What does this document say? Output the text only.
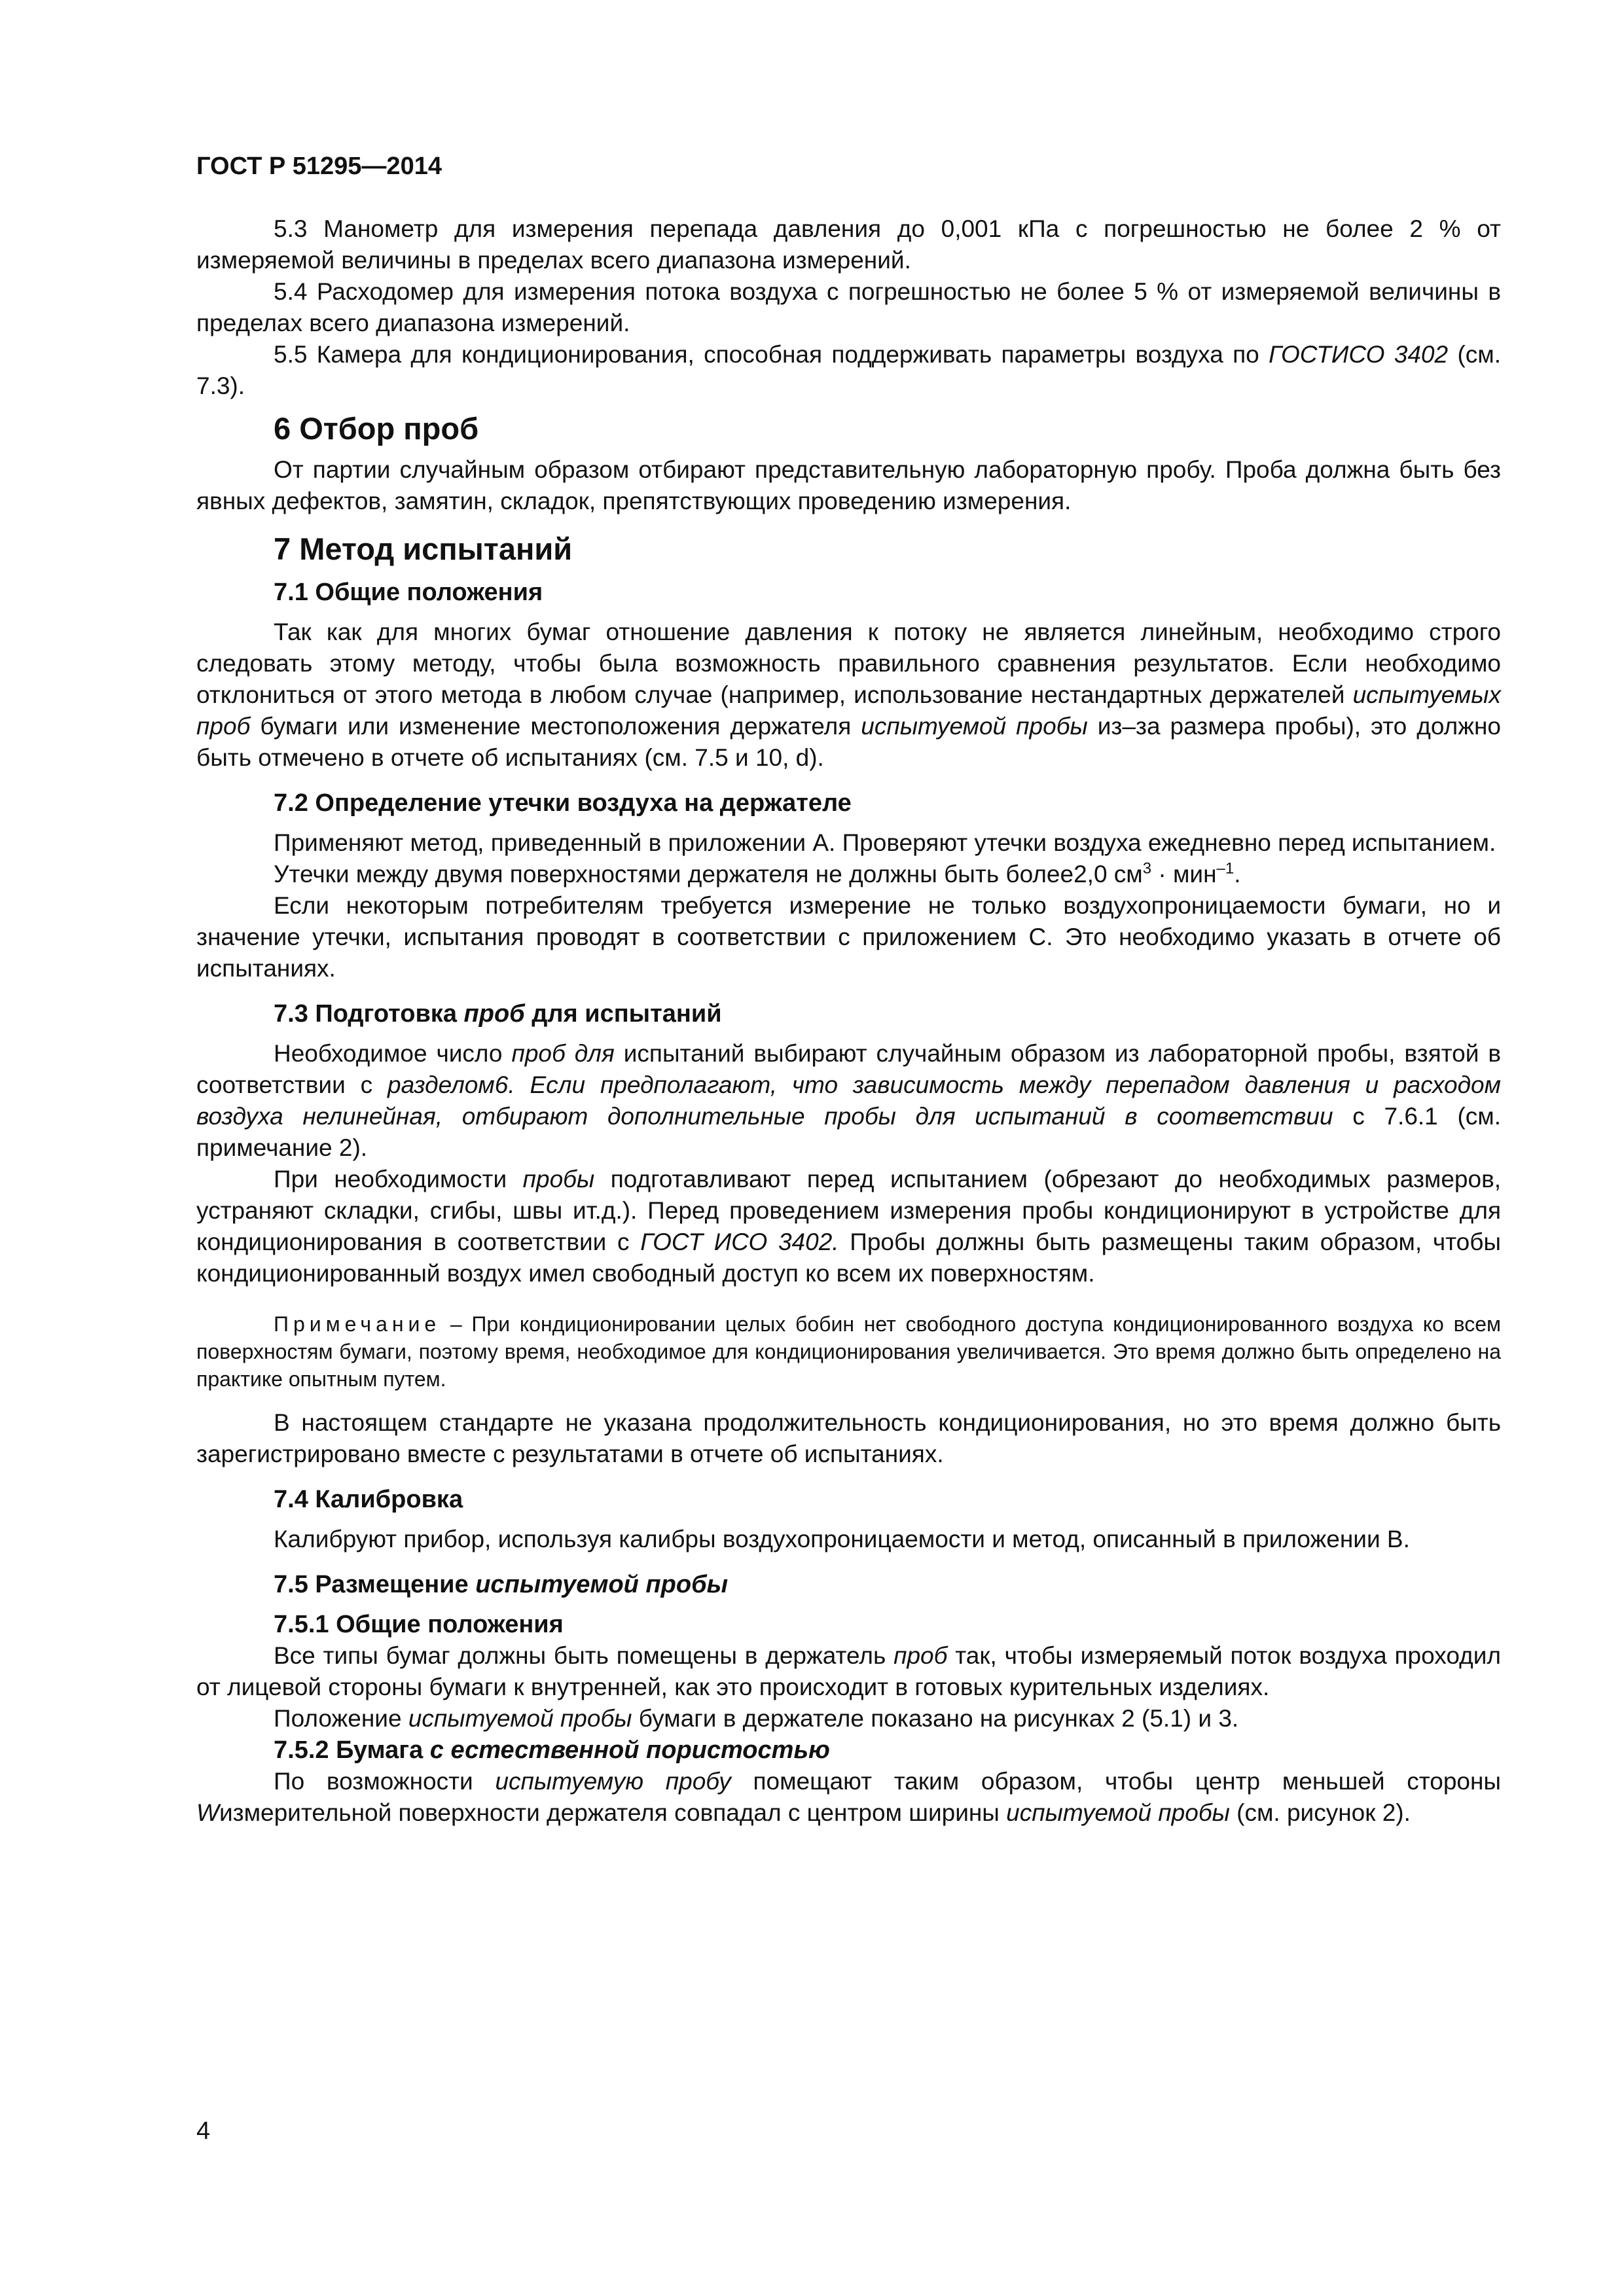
ГОСТ Р 51295—2014

5.3 Манометр для измерения перепада давления до 0,001 кПа с погрешностью не более 2 % от измеряемой величины в пределах всего диапазона измерений.

5.4 Расходомер для измерения потока воздуха с погрешностью не более 5 % от измеряемой величины в пределах всего диапазона измерений.

5.5 Камера для кондиционирования, способная поддерживать параметры воздуха по ГОСТИСО 3402 (см. 7.3).

6 Отбор проб

От партии случайным образом отбирают представительную лабораторную пробу. Проба должна быть без явных дефектов, замятин, складок, препятствующих проведению измерения.

7 Метод испытаний
7.1 Общие положения

Так как для многих бумаг отношение давления к потоку не является линейным, необходимо строго следовать этому методу, чтобы была возможность правильного сравнения результатов. Если необходимо отклониться от этого метода в любом случае (например, использование нестандартных держателей испытуемых проб бумаги или изменение местоположения держателя испытуемой пробы из–за размера пробы), это должно быть отмечено в отчете об испытаниях (см. 7.5 и 10, d).

7.2 Определение утечки воздуха на держателе

Применяют метод, приведенный в приложении А. Проверяют утечки воздуха ежедневно перед испытанием.

Утечки между двумя поверхностями держателя не должны быть более2,0 $см^3 \cdot мин^{-1}$.

Если некоторым потребителям требуется измерение не только воздухопроницаемости бумаги, но и значение утечки, испытания проводят в соответствии с приложением С. Это необходимо указать в отчете об испытаниях.

7.3 Подготовка проб для испытаний

Необходимое число проб для испытаний выбирают случайным образом из лабораторной пробы, взятой в соответствии с разделом6. Если предполагают, что зависимость между перепадом давления и расходом воздуха нелинейная, отбирают дополнительные пробы для испытаний в соответствии с 7.6.1 (см. примечание 2).

При необходимости пробы подготавливают перед испытанием (обрезают до необходимых размеров, устраняют складки, сгибы, швы ит.д.). Перед проведением измерения пробы кондиционируют в устройстве для кондиционирования в соответствии с ГОСТ ИСО 3402. Пробы должны быть размещены таким образом, чтобы кондиционированный воздух имел свободный доступ ко всем их поверхностям.

Примечание – При кондиционировании целых бобин нет свободного доступа кондиционированного воздуха ко всем поверхностям бумаги, поэтому время, необходимое для кондиционирования увеличивается. Это время должно быть определено на практике опытным путем.

В настоящем стандарте не указана продолжительность кондиционирования, но это время должно быть зарегистрировано вместе с результатами в отчете об испытаниях.

7.4 Калибровка

Калибруют прибор, используя калибры воздухопроницаемости и метод, описанный в приложении В.

7.5 Размещение испытуемой пробы
7.5.1 Общие положения

Все типы бумаг должны быть помещены в держатель проб так, чтобы измеряемый поток воздуха проходил от лицевой стороны бумаги к внутренней, как это происходит в готовых курительных изделиях.

Положение испытуемой пробы бумаги в держателе показано на рисунках 2 (5.1) и 3.

7.5.2 Бумага с естественной пористостью

По возможности испытуемую пробу помещают таким образом, чтобы центр меньшей стороны Wизмерительной поверхности держателя совпадал с центром ширины испытуемой пробы (см. рисунок 2).

4
